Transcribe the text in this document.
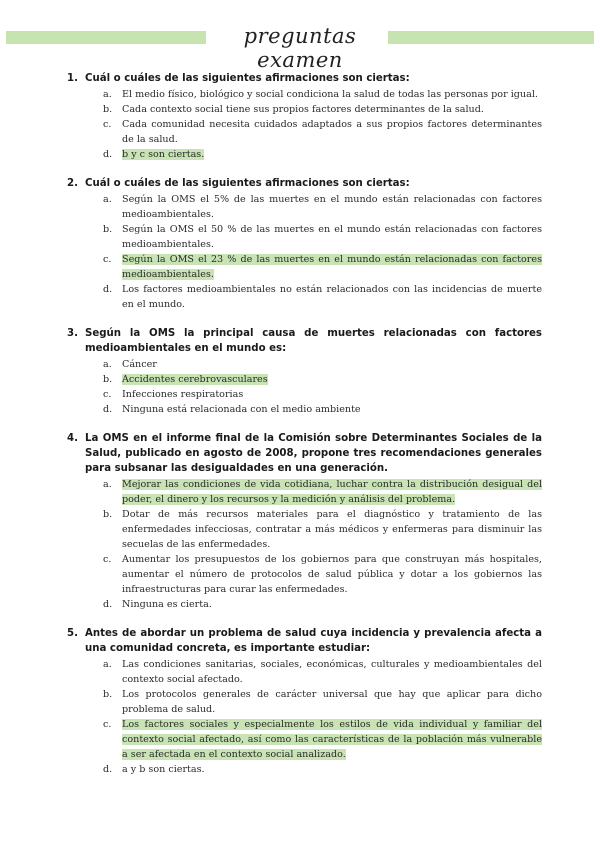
preguntas examen
1. Cuál o cuáles de las siguientes afirmaciones son ciertas:
a. El medio físico, biológico y social condiciona la salud de todas las personas por igual.
b. Cada contexto social tiene sus propios factores determinantes de la salud.
c. Cada comunidad necesita cuidados adaptados a sus propios factores determinantes de la salud.
d. b y c son ciertas.
2. Cuál o cuáles de las siguientes afirmaciones son ciertas:
a. Según la OMS el 5% de las muertes en el mundo están relacionadas con factores medioambientales.
b. Según la OMS el 50 % de las muertes en el mundo están relacionadas con factores medioambientales.
c. Según la OMS el 23 % de las muertes en el mundo están relacionadas con factores medioambientales.
d. Los factores medioambientales no están relacionados con las incidencias de muerte en el mundo.
3. Según la OMS la principal causa de muertes relacionadas con factores medioambientales en el mundo es:
a. Cáncer
b. Accidentes cerebrovasculares
c. Infecciones respiratorias
d. Ninguna está relacionada con el medio ambiente
4. La OMS en el informe final de la Comisión sobre Determinantes Sociales de la Salud, publicado en agosto de 2008, propone tres recomendaciones generales para subsanar las desigualdades en una generación.
a. Mejorar las condiciones de vida cotidiana, luchar contra la distribución desigual del poder, el dinero y los recursos y la medición y análisis del problema.
b. Dotar de más recursos materiales para el diagnóstico y tratamiento de las enfermedades infecciosas, contratar a más médicos y enfermeras para disminuir las secuelas de las enfermedades.
c. Aumentar los presupuestos de los gobiernos para que construyan más hospitales, aumentar el número de protocolos de salud pública y dotar a los gobiernos las infraestructuras para curar las enfermedades.
d. Ninguna es cierta.
5. Antes de abordar un problema de salud cuya incidencia y prevalencia afecta a una comunidad concreta, es importante estudiar:
a. Las condiciones sanitarias, sociales, económicas, culturales y medioambientales del contexto social afectado.
b. Los protocolos generales de carácter universal que hay que aplicar para dicho problema de salud.
c. Los factores sociales y especialmente los estilos de vida individual y familiar del contexto social afectado, así como las características de la población más vulnerable a ser afectada en el contexto social analizado.
d. a y b son ciertas.
